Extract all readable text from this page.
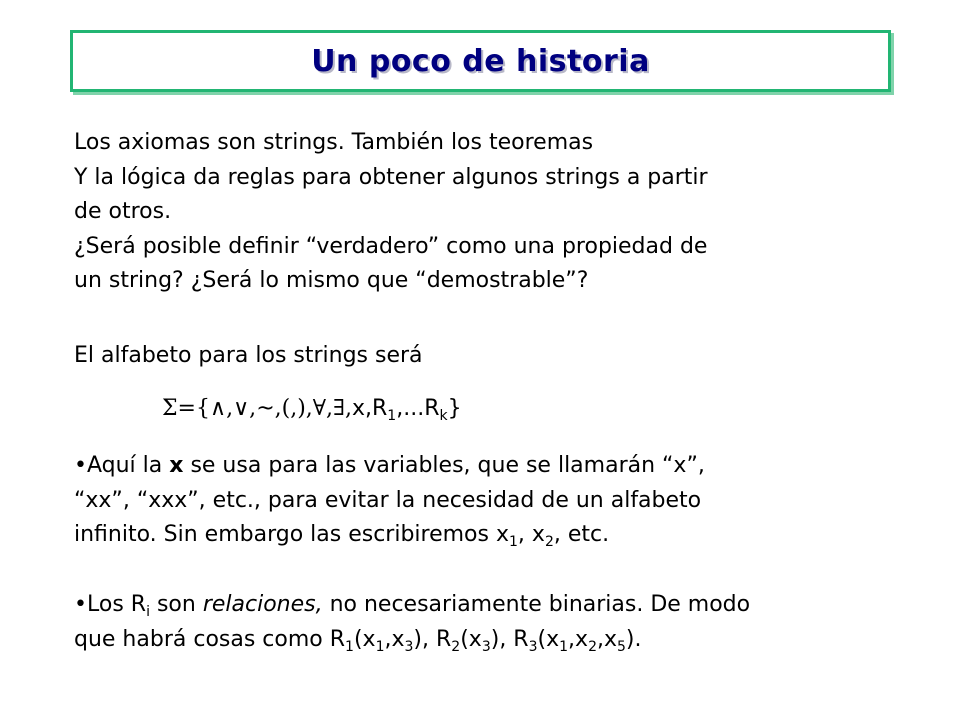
Un poco de historia
Los axiomas son strings. También los teoremas
Y la lógica da reglas para obtener algunos strings a partir
de otros.
¿Será posible definir “verdadero” como una propiedad de
un string? ¿Será lo mismo que “demostrable”?
El alfabeto para los strings será
$\Sigma=\{\wedge,\vee,\sim,(,),\forall,\exists,x,R_1,...R_k\}$
•Aquí la x se usa para las variables, que se llamarán “x”,
“xx”, “xxx”, etc., para evitar la necesidad de un alfabeto
infinito. Sin embargo las escribiremos $x_1$, $x_2$, etc.
•Los $R_i$ son relaciones, no necesariamente binarias. De modo
que habrá cosas como $R_1(x_1,x_3)$, $R_2(x_3)$, $R_3(x_1,x_2,x_5)$.
